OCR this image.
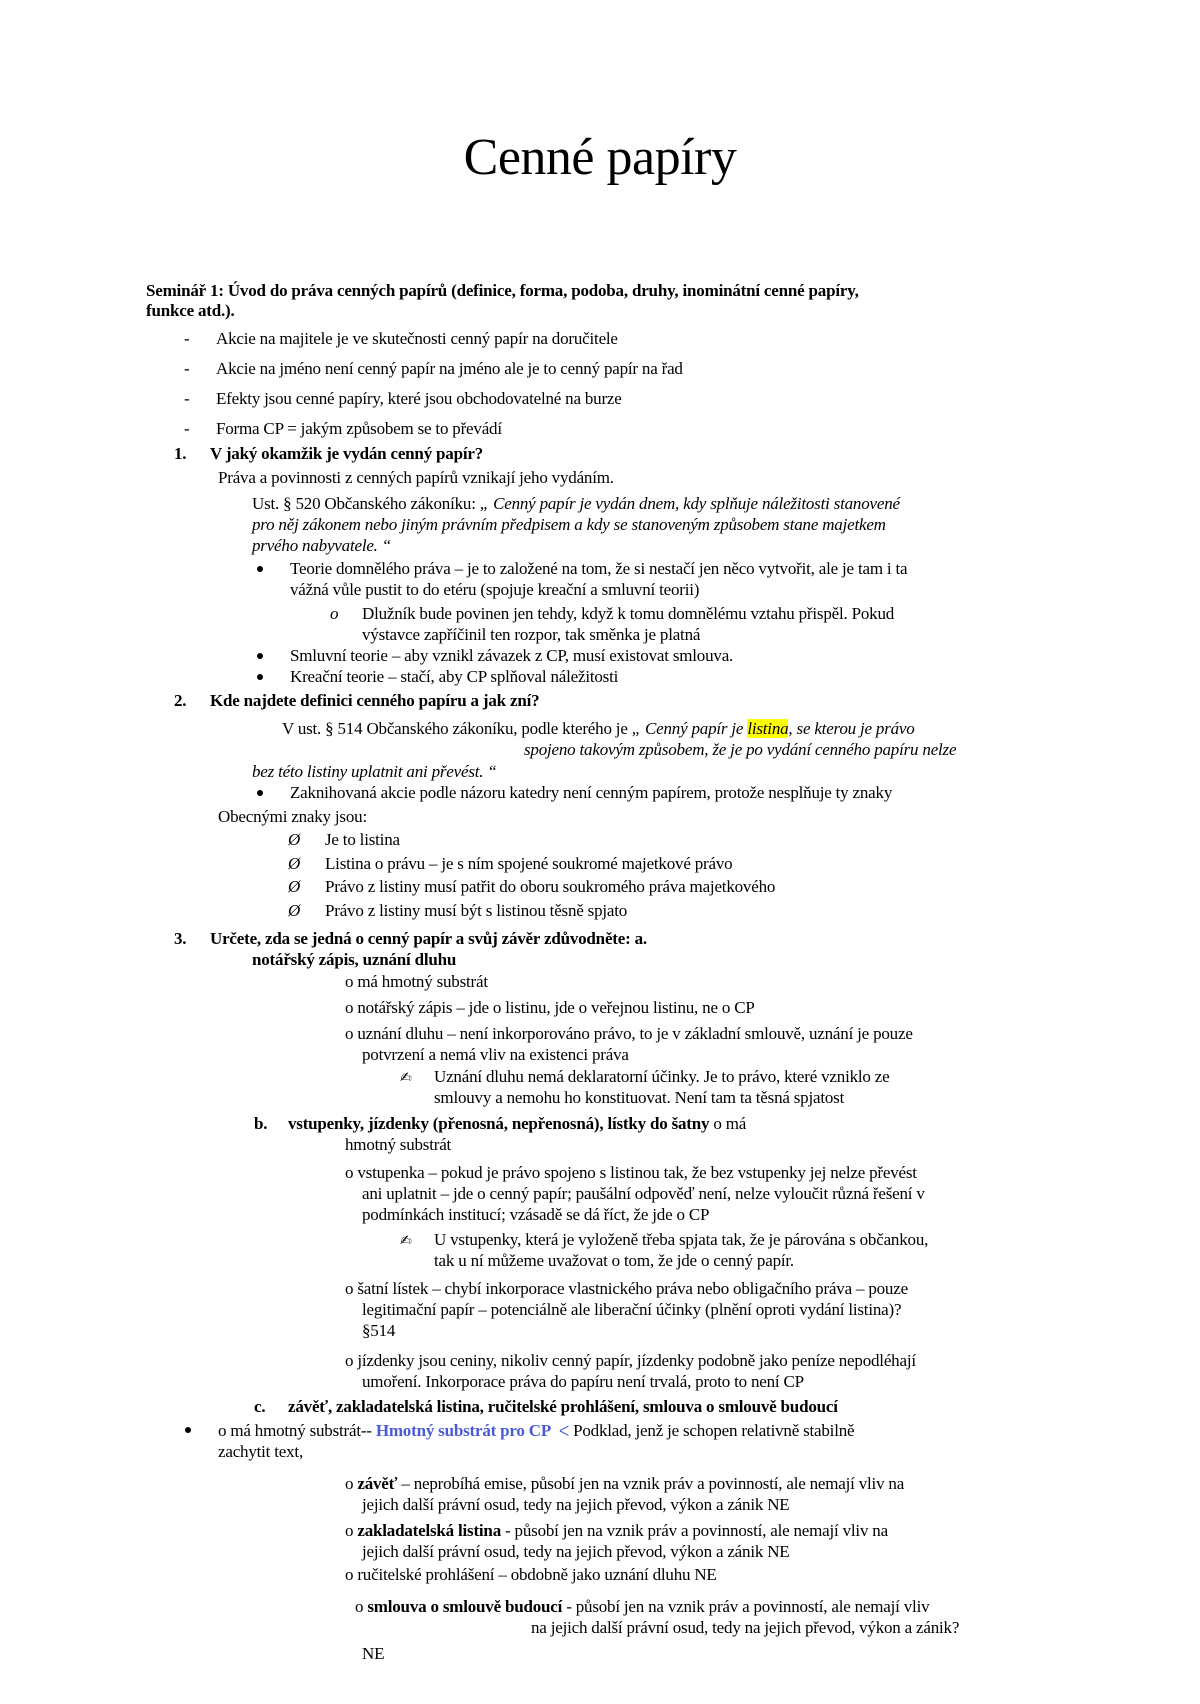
Cenné papíry
Seminář 1: Úvod do práva cenných papírů (definice, forma, podoba, druhy, inominátní cenné papíry,
funkce atd.).
- Akcie na majitele je ve skutečnosti cenný papír na doručitele
- Akcie na jméno není cenný papír na jméno ale je to cenný papír na řad
- Efekty jsou cenné papíry, které jsou obchodovatelné na burze
- Forma CP = jakým způsobem se to převádí
1. V jaký okamžik je vydán cenný papír?
Práva a povinnosti z cenných papírů vznikají jeho vydáním.
Ust. § 520 Občanského zákoníku: „ Cenný papír je vydán dnem, kdy splňuje náležitosti stanovené
pro něj zákonem nebo jiným právním předpisem a kdy se stanoveným způsobem stane majetkem
prvého nabyvatele. “
Teorie domnělého práva – je to založené na tom, že si nestačí jen něco vytvořit, ale je tam i ta
vážná vůle pustit to do etéru (spojuje kreační a smluvní teorii)
o Dlužník bude povinen jen tehdy, když k tomu domnělému vztahu přispěl. Pokud
výstavce zapříčinil ten rozpor, tak směnka je platná
Smluvní teorie – aby vznikl závazek z CP, musí existovat smlouva.
Kreační teorie – stačí, aby CP splňoval náležitosti
2. Kde najdete definici cenného papíru a jak zní?
V ust. § 514 Občanského zákoníku, podle kterého je „ Cenný papír je listina, se kterou je právo
spojeno takovým způsobem, že je po vydání cenného papíru nelze
bez této listiny uplatnit ani převést. “
Zaknihovaná akcie podle názoru katedry není cenným papírem, protože nesplňuje ty znaky
Obecnými znaky jsou:
Ø Je to listina
Ø Listina o právu – je s ním spojené soukromé majetkové právo
Ø Právo z listiny musí patřit do oboru soukromého práva majetkového
Ø Právo z listiny musí být s listinou těsně spjato
3. Určete, zda se jedná o cenný papír a svůj závěr zdůvodněte: a.
notářský zápis, uznání dluhu
o má hmotný substrát
o notářský zápis – jde o listinu, jde o veřejnou listinu, ne o CP
o uznání dluhu – není inkorporováno právo, to je v základní smlouvě, uznání je pouze
potvrzení a nemá vliv na existenci práva
✍ Uznání dluhu nemá deklaratorní účinky. Je to právo, které vzniklo ze
smlouvy a nemohu ho konstituovat. Není tam ta těsná spjatost
b. vstupenky, jízdenky (přenosná, nepřenosná), lístky do šatny o má
hmotný substrát
o vstupenka – pokud je právo spojeno s listinou tak, že bez vstupenky jej nelze převést
ani uplatnit – jde o cenný papír; paušální odpověď není, nelze vyloučit různá řešení v
podmínkách institucí; vzásadě se dá říct, že jde o CP
✍ U vstupenky, která je vyloženě třeba spjata tak, že je párována s občankou,
tak u ní můžeme uvažovat o tom, že jde o cenný papír.
o šatní lístek – chybí inkorporace vlastnického práva nebo obligačního práva – pouze
legitimační papír – potenciálně ale liberační účinky (plnění oproti vydání listina)?
§514
o jízdenky jsou ceniny, nikoliv cenný papír, jízdenky podobně jako peníze nepodléhají
umoření. Inkorporace práva do papíru není trvalá, proto to není CP
c. závěť, zakladatelská listina, ručitelské prohlášení, smlouva o smlouvě budoucí
o má hmotný substrát-- Hmotný substrát pro CP ᐸ Podklad, jenž je schopen relativně stabilně
zachytit text,
o závěť – neprobíhá emise, působí jen na vznik práv a povinností, ale nemají vliv na
jejich další právní osud, tedy na jejich převod, výkon a zánik NE
o zakladatelská listina - působí jen na vznik práv a povinností, ale nemají vliv na
jejich další právní osud, tedy na jejich převod, výkon a zánik NE
o ručitelské prohlášení – obdobně jako uznání dluhu NE
o smlouva o smlouvě budoucí - působí jen na vznik práv a povinností, ale nemají vliv
na jejich další právní osud, tedy na jejich převod, výkon a zánik?
NE
